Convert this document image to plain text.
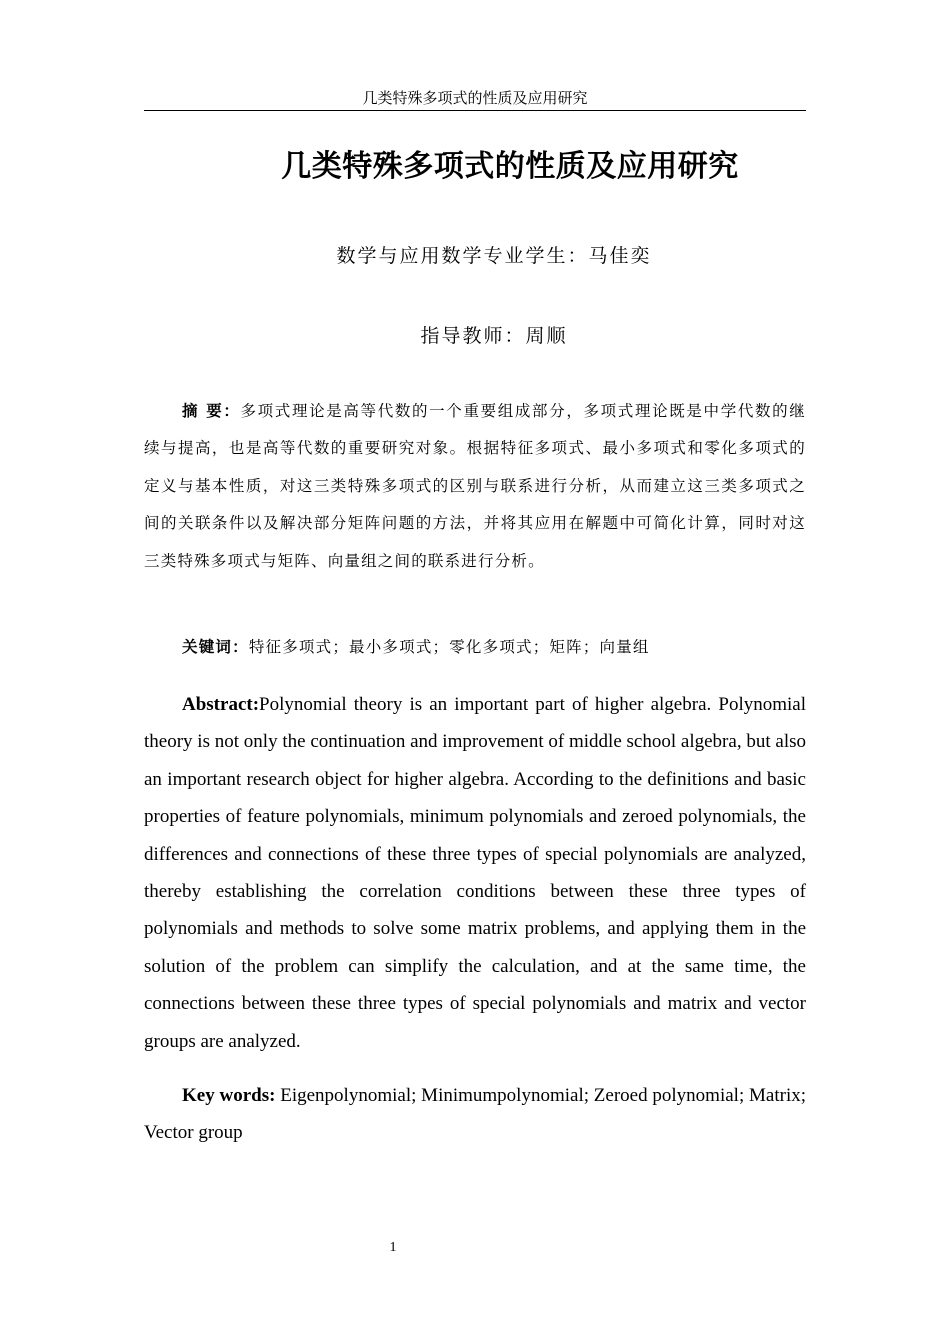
几类特殊多项式的性质及应用研究
几类特殊多项式的性质及应用研究
数学与应用数学专业学生：马佳奕
指导教师：周顺

摘 要：多项式理论是高等代数的一个重要组成部分，多项式理论既是中学代数的继续与提高，也是高等代数的重要研究对象。根据特征多项式、最小多项式和零化多项式的定义与基本性质，对这三类特殊多项式的区别与联系进行分析，从而建立这三类多项式之间的关联条件以及解决部分矩阵问题的方法，并将其应用在解题中可简化计算，同时对这三类特殊多项式与矩阵、向量组之间的联系进行分析。

关键词：特征多项式；最小多项式；零化多项式；矩阵；向量组

Abstract:Polynomial theory is an important part of higher algebra. Polynomial theory is not only the continuation and improvement of middle school algebra, but also an important research object for higher algebra. According to the definitions and basic properties of feature polynomials, minimum polynomials and zeroed polynomials, the differences and connections of these three types of special polynomials are analyzed, thereby establishing the correlation conditions between these three types of polynomials and methods to solve some matrix problems, and applying them in the solution of the problem can simplify the calculation, and at the same time, the connections between these three types of special polynomials and matrix and vector groups are analyzed.

Key words: Eigenpolynomial; Minimumpolynomial; Zeroed polynomial; Matrix; Vector group

1
